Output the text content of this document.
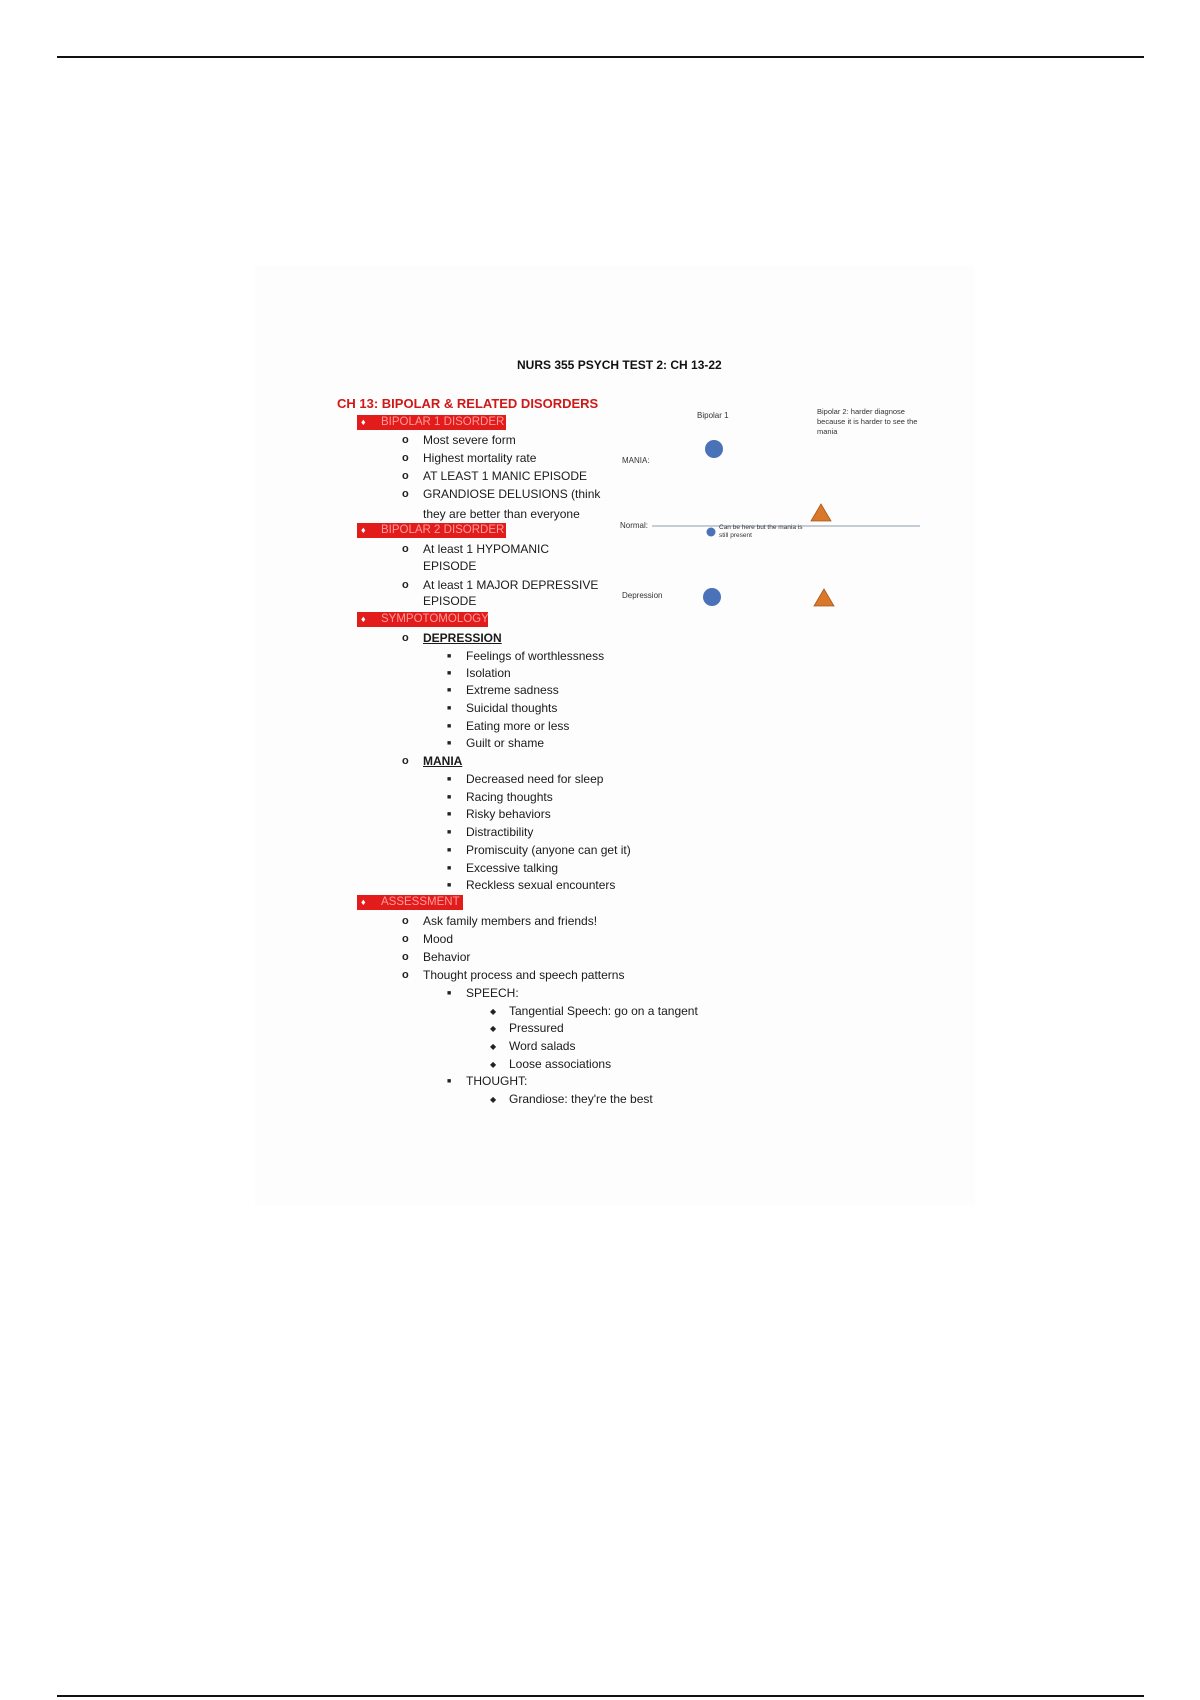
NURS 355 PSYCH TEST 2: CH 13-22
CH 13: BIPOLAR & RELATED DISORDERS
♦ BIPOLAR 1 DISORDER
o Most severe form
o Highest mortality rate
o AT LEAST 1 MANIC EPISODE
o GRANDIOSE DELUSIONS (think
they are better than everyone
♦ BIPOLAR 2 DISORDER
o At least 1 HYPOMANIC
EPISODE
o At least 1 MAJOR DEPRESSIVE
EPISODE
♦ SYMPOTOMOLOGY
o DEPRESSION
■ Feelings of worthlessness
■ Isolation
■ Extreme sadness
■ Suicidal thoughts
■ Eating more or less
■ Guilt or shame
o MANIA
■ Decreased need for sleep
■ Racing thoughts
■ Risky behaviors
■ Distractibility
■ Promiscuity (anyone can get it)
■ Excessive talking
■ Reckless sexual encounters
♦ ASSESSMENT
o Ask family members and friends!
o Mood
o Behavior
o Thought process and speech patterns
■ SPEECH:
◆ Tangential Speech: go on a tangent
◆ Pressured
◆ Word salads
◆ Loose associations
■ THOUGHT:
◆ Grandiose: they're the best
Bipolar 1	Bipolar 2: harder diagnose because it is harder to see the mania
MANIA:
Normal:	Can be here but the mania is still present
Depression
